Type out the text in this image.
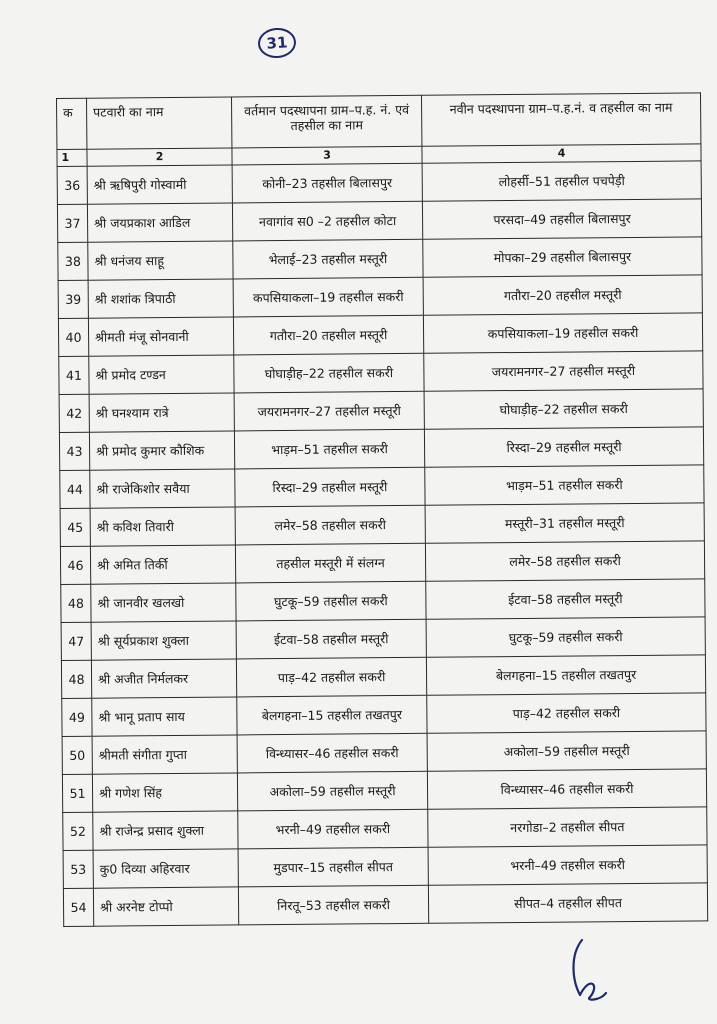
31
क	पटवारी का नाम	वर्तमान पदस्थापना ग्राम–प.ह. नं. एवं तहसील का नाम	नवीन पदस्थापना ग्राम–प.ह.नं. व तहसील का नाम
1	2	3	4
36	श्री ऋषिपुरी गोस्वामी	कोनी–23 तहसील बिलासपुर	लोहर्सी–51 तहसील पचपेड़ी
37	श्री जयप्रकाश आडिल	नवागांव स0 –2 तहसील कोटा	परसदा–49 तहसील बिलासपुर
38	श्री धनंजय साहू	भेलाई–23 तहसील मस्तूरी	मोपका–29 तहसील बिलासपुर
39	श्री शशांक त्रिपाठी	कपसियाकला–19 तहसील सकरी	गतौरा–20 तहसील मस्तूरी
40	श्रीमती मंजू सोनवानी	गतौरा–20 तहसील मस्तूरी	कपसियाकला–19 तहसील सकरी
41	श्री प्रमोद टण्डन	घोघाड़ीह–22 तहसील सकरी	जयरामनगर–27 तहसील मस्तूरी
42	श्री घनश्याम रात्रे	जयरामनगर–27 तहसील मस्तूरी	घोघाड़ीह–22 तहसील सकरी
43	श्री प्रमोद कुमार कौशिक	भाड़म–51 तहसील सकरी	रिस्दा–29 तहसील मस्तूरी
44	श्री राजेकिशोर सवैया	रिस्दा–29 तहसील मस्तूरी	भाड़म–51 तहसील सकरी
45	श्री कविश तिवारी	लमेर–58 तहसील सकरी	मस्तूरी–31 तहसील मस्तूरी
46	श्री अमित तिर्की	तहसील मस्तूरी में संलग्न	लमेर–58 तहसील सकरी
48	श्री जानवीर खलखो	घुटकू–59 तहसील सकरी	ईटवा–58 तहसील मस्तूरी
47	श्री सूर्यप्रकाश शुक्ला	ईटवा–58 तहसील मस्तूरी	घुटकू–59 तहसील सकरी
48	श्री अजीत निर्मलकर	पाड़–42 तहसील सकरी	बेलगहना–15 तहसील तखतपुर
49	श्री भानू प्रताप साय	बेलगहना–15 तहसील तखतपुर	पाड़–42 तहसील सकरी
50	श्रीमती संगीता गुप्ता	विन्ध्यासर–46 तहसील सकरी	अकोला–59 तहसील मस्तूरी
51	श्री गणेश सिंह	अकोला–59 तहसील मस्तूरी	विन्ध्यासर–46 तहसील सकरी
52	श्री राजेन्द्र प्रसाद शुक्ला	भरनी–49 तहसील सकरी	नरगोडा–2 तहसील सीपत
53	कु0 दिव्या अहिरवार	मुडपार–15 तहसील सीपत	भरनी–49 तहसील सकरी
54	श्री अरनेष्ट टोप्पो	निरतू–53 तहसील सकरी	सीपत–4 तहसील सीपत
